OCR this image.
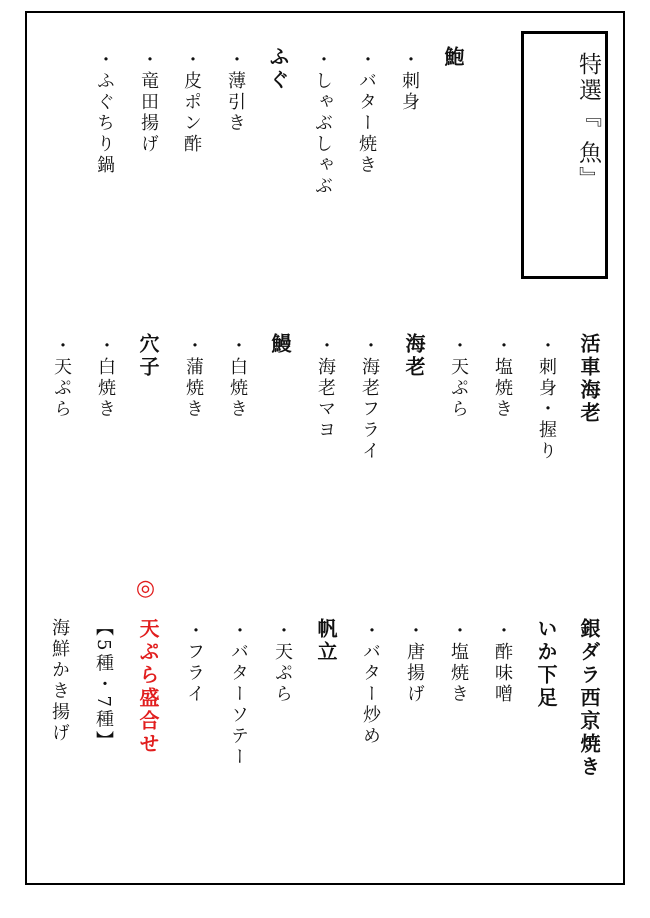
特選『 魚』
鮑
・刺身
・バター焼き
・しゃぶしゃぶ
ふぐ
・薄引き
・皮ポン酢
・竜田揚げ
・ふぐちり鍋
活車海老
・刺身・握り
・塩焼き
・天ぷら
海老
・海老フライ
・海老マヨ
鰻
・白焼き
・蒲焼き
穴子
・白焼き
・天ぷら
銀ダラ西京焼き
いか下足
・酢味噌
・塩焼き
・唐揚げ
・バター炒め
帆立
・天ぷら
・バターソテー
・フライ
◎
天ぷら盛合せ
【5種・7種】
海鮮かき揚げ
